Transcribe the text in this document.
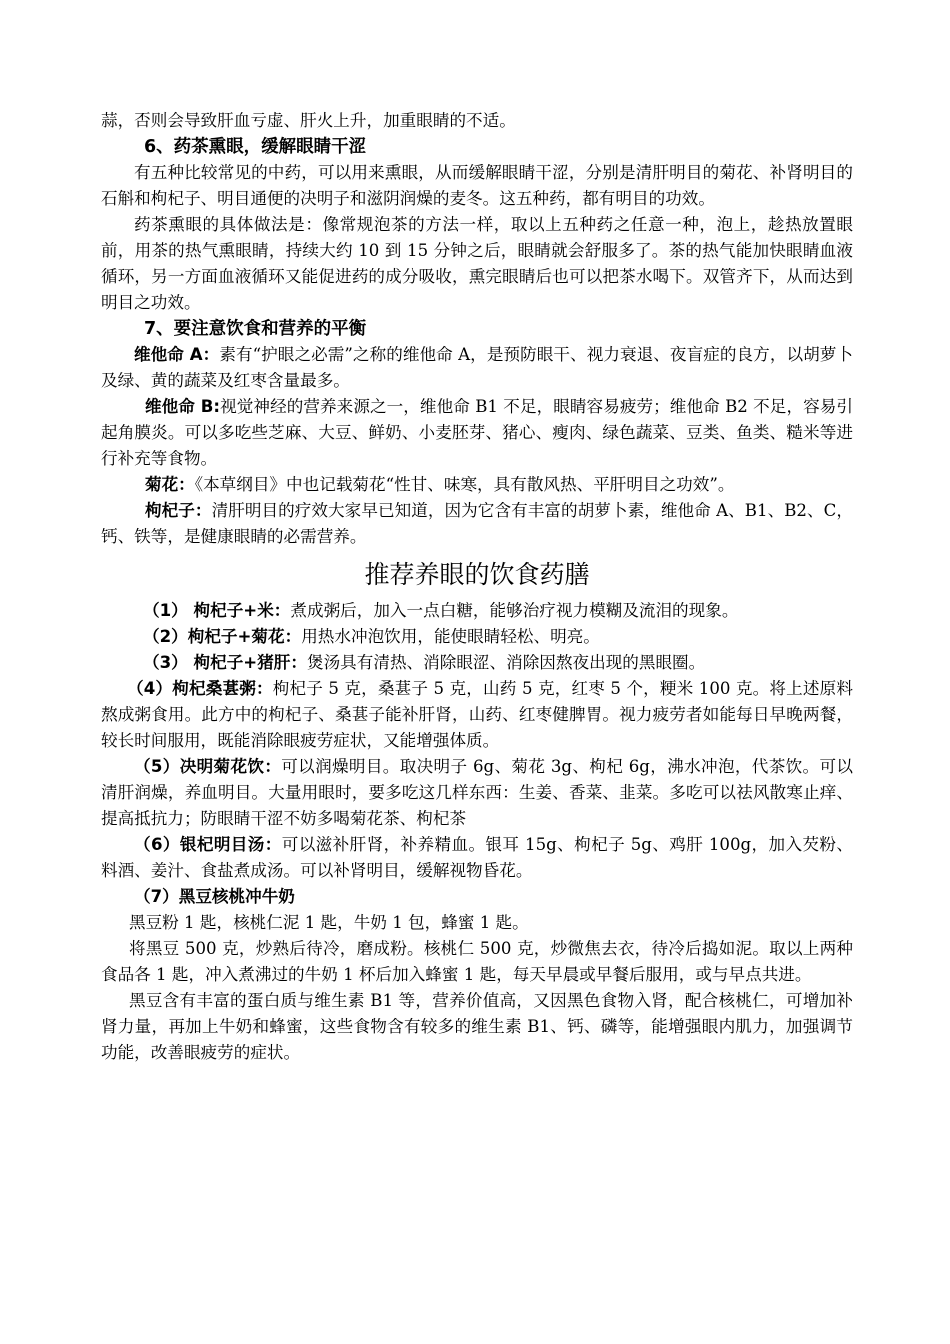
蒜，否则会导致肝血亏虚、肝火上升，加重眼睛的不适。

6、药茶熏眼，缓解眼睛干涩

有五种比较常见的中药，可以用来熏眼，从而缓解眼睛干涩，分别是清肝明目的菊花、补肾明目的石斛和枸杞子、明目通便的决明子和滋阴润燥的麦冬。这五种药，都有明目的功效。

药茶熏眼的具体做法是：像常规泡茶的方法一样，取以上五种药之任意一种，泡上，趁热放置眼前，用茶的热气熏眼睛，持续大约 10 到 15 分钟之后，眼睛就会舒服多了。茶的热气能加快眼睛血液循环，另一方面血液循环又能促进药的成分吸收，熏完眼睛后也可以把茶水喝下。双管齐下，从而达到明目之功效。

7、要注意饮食和营养的平衡

维他命 A：素有“护眼之必需”之称的维他命 A，是预防眼干、视力衰退、夜盲症的良方，以胡萝卜及绿、黄的蔬菜及红枣含量最多。

维他命 B:视觉神经的营养来源之一，维他命 B1 不足，眼睛容易疲劳；维他命 B2 不足，容易引起角膜炎。可以多吃些芝麻、大豆、鲜奶、小麦胚芽、猪心、瘦肉、绿色蔬菜、豆类、鱼类、糙米等进行补充等食物。

菊花：《本草纲目》中也记载菊花“性甘、味寒，具有散风热、平肝明目之功效”。

枸杞子：清肝明目的疗效大家早已知道，因为它含有丰富的胡萝卜素，维他命 A、B1、B2、C，钙、铁等，是健康眼睛的必需营养。

推荐养眼的饮食药膳

（1） 枸杞子+米：煮成粥后，加入一点白糖，能够治疗视力模糊及流泪的现象。

（2）枸杞子+菊花：用热水冲泡饮用，能使眼睛轻松、明亮。

（3） 枸杞子+猪肝：煲汤具有清热、消除眼涩、消除因熬夜出现的黑眼圈。

（4）枸杞桑葚粥：枸杞子 5 克，桑葚子 5 克，山药 5 克，红枣 5 个，粳米 100 克。将上述原料熬成粥食用。此方中的枸杞子、桑葚子能补肝肾，山药、红枣健脾胃。视力疲劳者如能每日早晚两餐，较长时间服用，既能消除眼疲劳症状，又能增强体质。

（5）决明菊花饮：可以润燥明目。取决明子 6g、菊花 3g、枸杞 6g，沸水冲泡，代茶饮。可以清肝润燥，养血明目。大量用眼时，要多吃这几样东西：生姜、香菜、韭菜。多吃可以祛风散寒止痒、提高抵抗力；防眼睛干涩不妨多喝菊花茶、枸杞茶

（6）银杞明目汤：可以滋补肝肾，补养精血。银耳 15g、枸杞子 5g、鸡肝 100g，加入芡粉、料酒、姜汁、食盐煮成汤。可以补肾明目，缓解视物昏花。

（7）黑豆核桃冲牛奶

黑豆粉 1 匙，核桃仁泥 1 匙，牛奶 1 包，蜂蜜 1 匙。

将黑豆 500 克，炒熟后待冷，磨成粉。核桃仁 500 克，炒微焦去衣，待冷后捣如泥。取以上两种食品各 1 匙，冲入煮沸过的牛奶 1 杯后加入蜂蜜 1 匙，每天早晨或早餐后服用，或与早点共进。

黑豆含有丰富的蛋白质与维生素 B1 等，营养价值高，又因黑色食物入肾，配合核桃仁，可增加补肾力量，再加上牛奶和蜂蜜，这些食物含有较多的维生素 B1、钙、磷等，能增强眼内肌力，加强调节功能，改善眼疲劳的症状。
